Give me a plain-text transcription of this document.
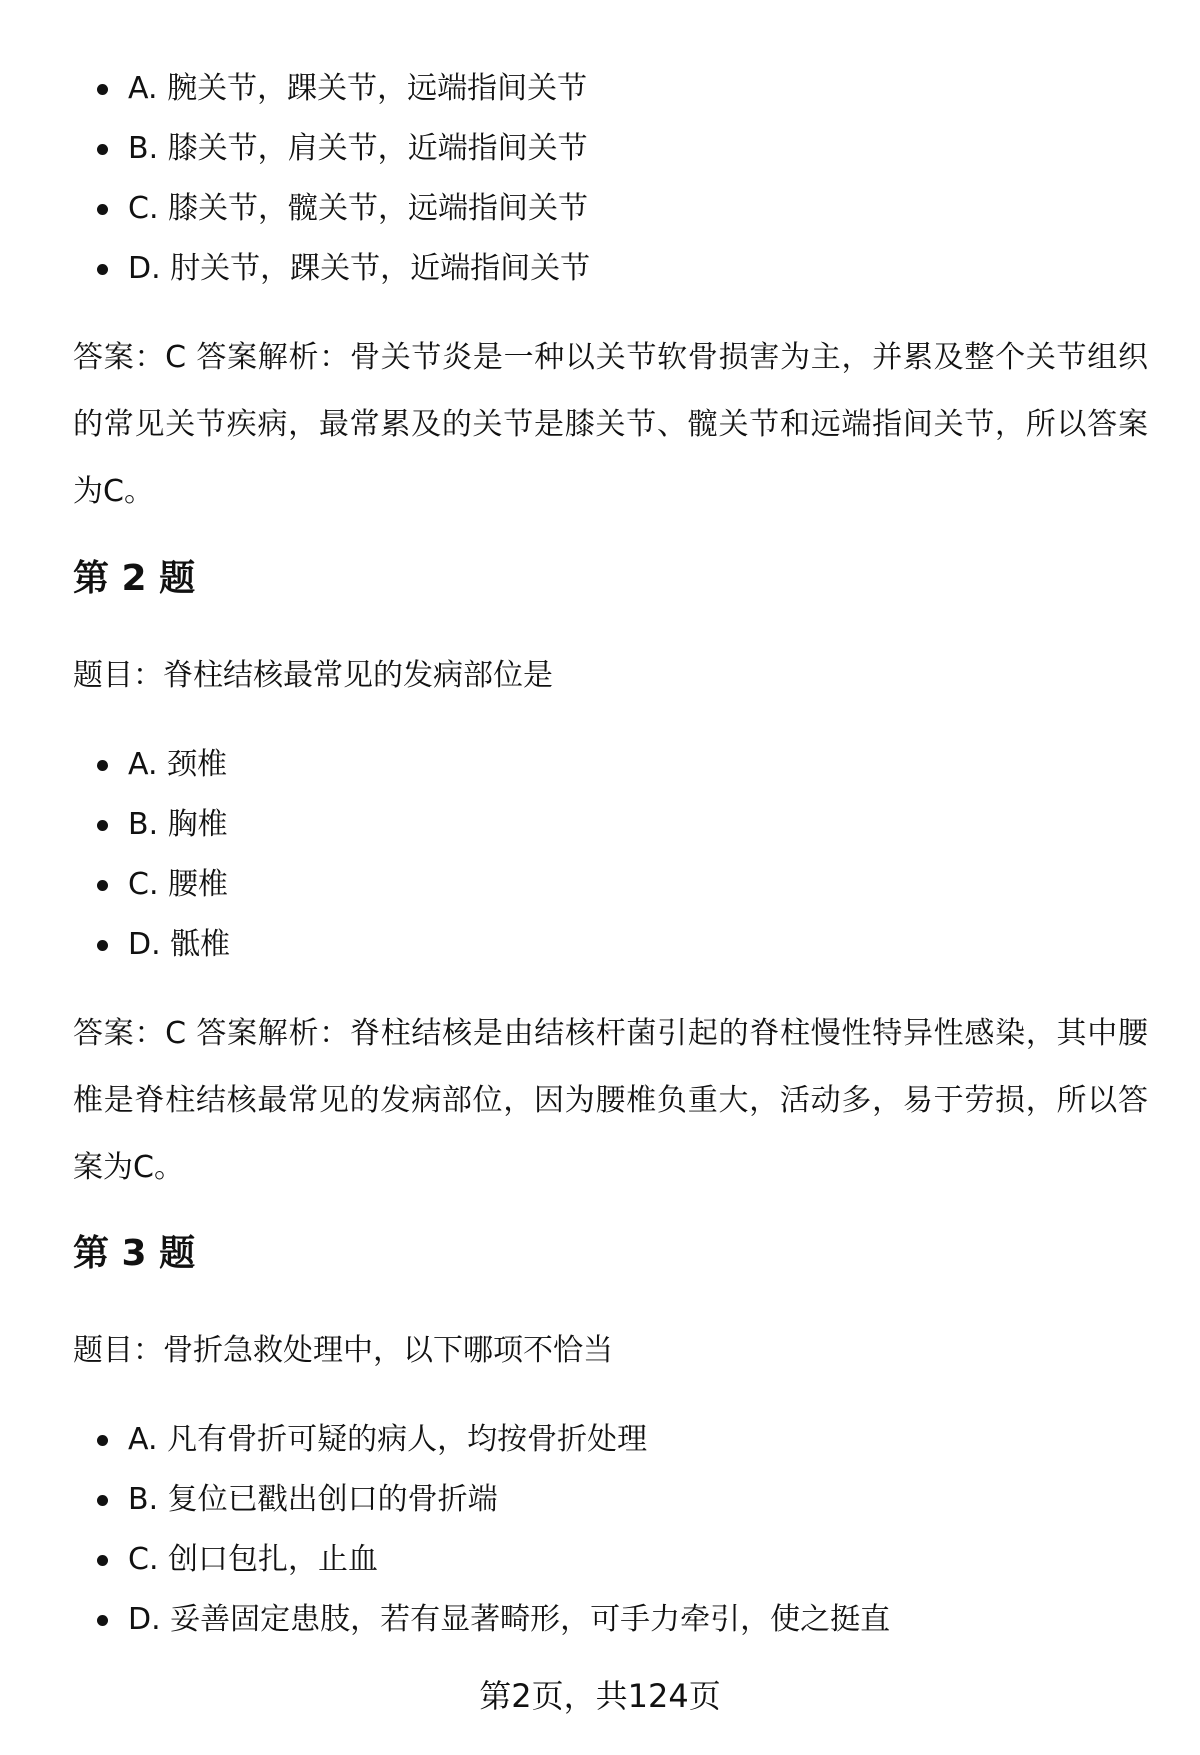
A. 腕关节，踝关节，远端指间关节
B. 膝关节，肩关节，近端指间关节
C. 膝关节，髋关节，远端指间关节
D. 肘关节，踝关节，近端指间关节

答案：C 答案解析：骨关节炎是一种以关节软骨损害为主，并累及整个关节组织的常见关节疾病，最常累及的关节是膝关节、髋关节和远端指间关节，所以答案为C。

第 2 题

题目：脊柱结核最常见的发病部位是

A. 颈椎
B. 胸椎
C. 腰椎
D. 骶椎

答案：C 答案解析：脊柱结核是由结核杆菌引起的脊柱慢性特异性感染，其中腰椎是脊柱结核最常见的发病部位，因为腰椎负重大，活动多，易于劳损，所以答案为C。

第 3 题

题目：骨折急救处理中，以下哪项不恰当

A. 凡有骨折可疑的病人，均按骨折处理
B. 复位已戳出创口的骨折端
C. 创口包扎，止血
D. 妥善固定患肢，若有显著畸形，可手力牵引，使之挺直
第2页，共124页
